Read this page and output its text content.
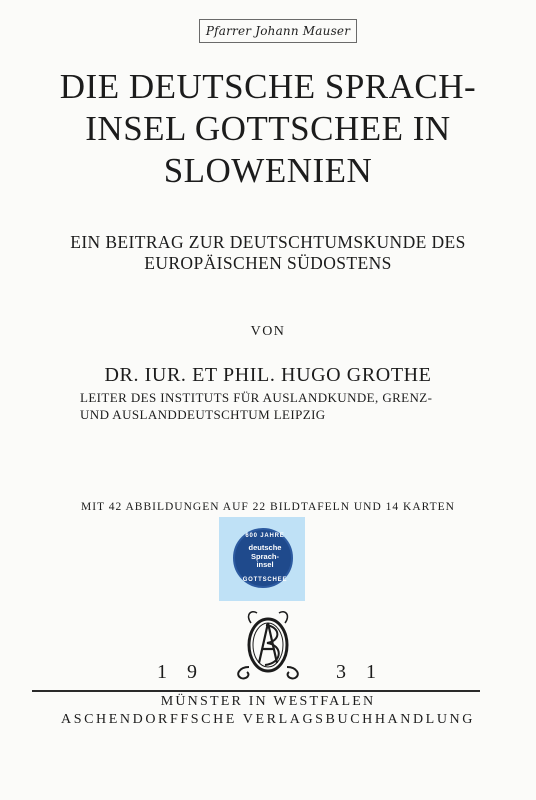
Pfarrer Johann Mauser
DIE DEUTSCHE SPRACH-
INSEL GOTTSCHEE IN
SLOWENIEN
EIN BEITRAG ZUR DEUTSCHTUMSKUNDE DES
EUROPÄISCHEN SÜDOSTENS
VON
DR. IUR. ET PHIL. HUGO GROTHE
LEITER DES INSTITUTS FÜR AUSLANDKUNDE, GRENZ-
UND AUSLANDDEUTSCHTUM LEIPZIG
MIT 42 ABBILDUNGEN AUF 22 BILDTAFELN UND 14 KARTEN
600 JAHRE
deutsche
Sprach-
insel
GOTTSCHEE
19	31
MÜNSTER IN WESTFALEN
ASCHENDORFFSCHE VERLAGSBUCHHANDLUNG
